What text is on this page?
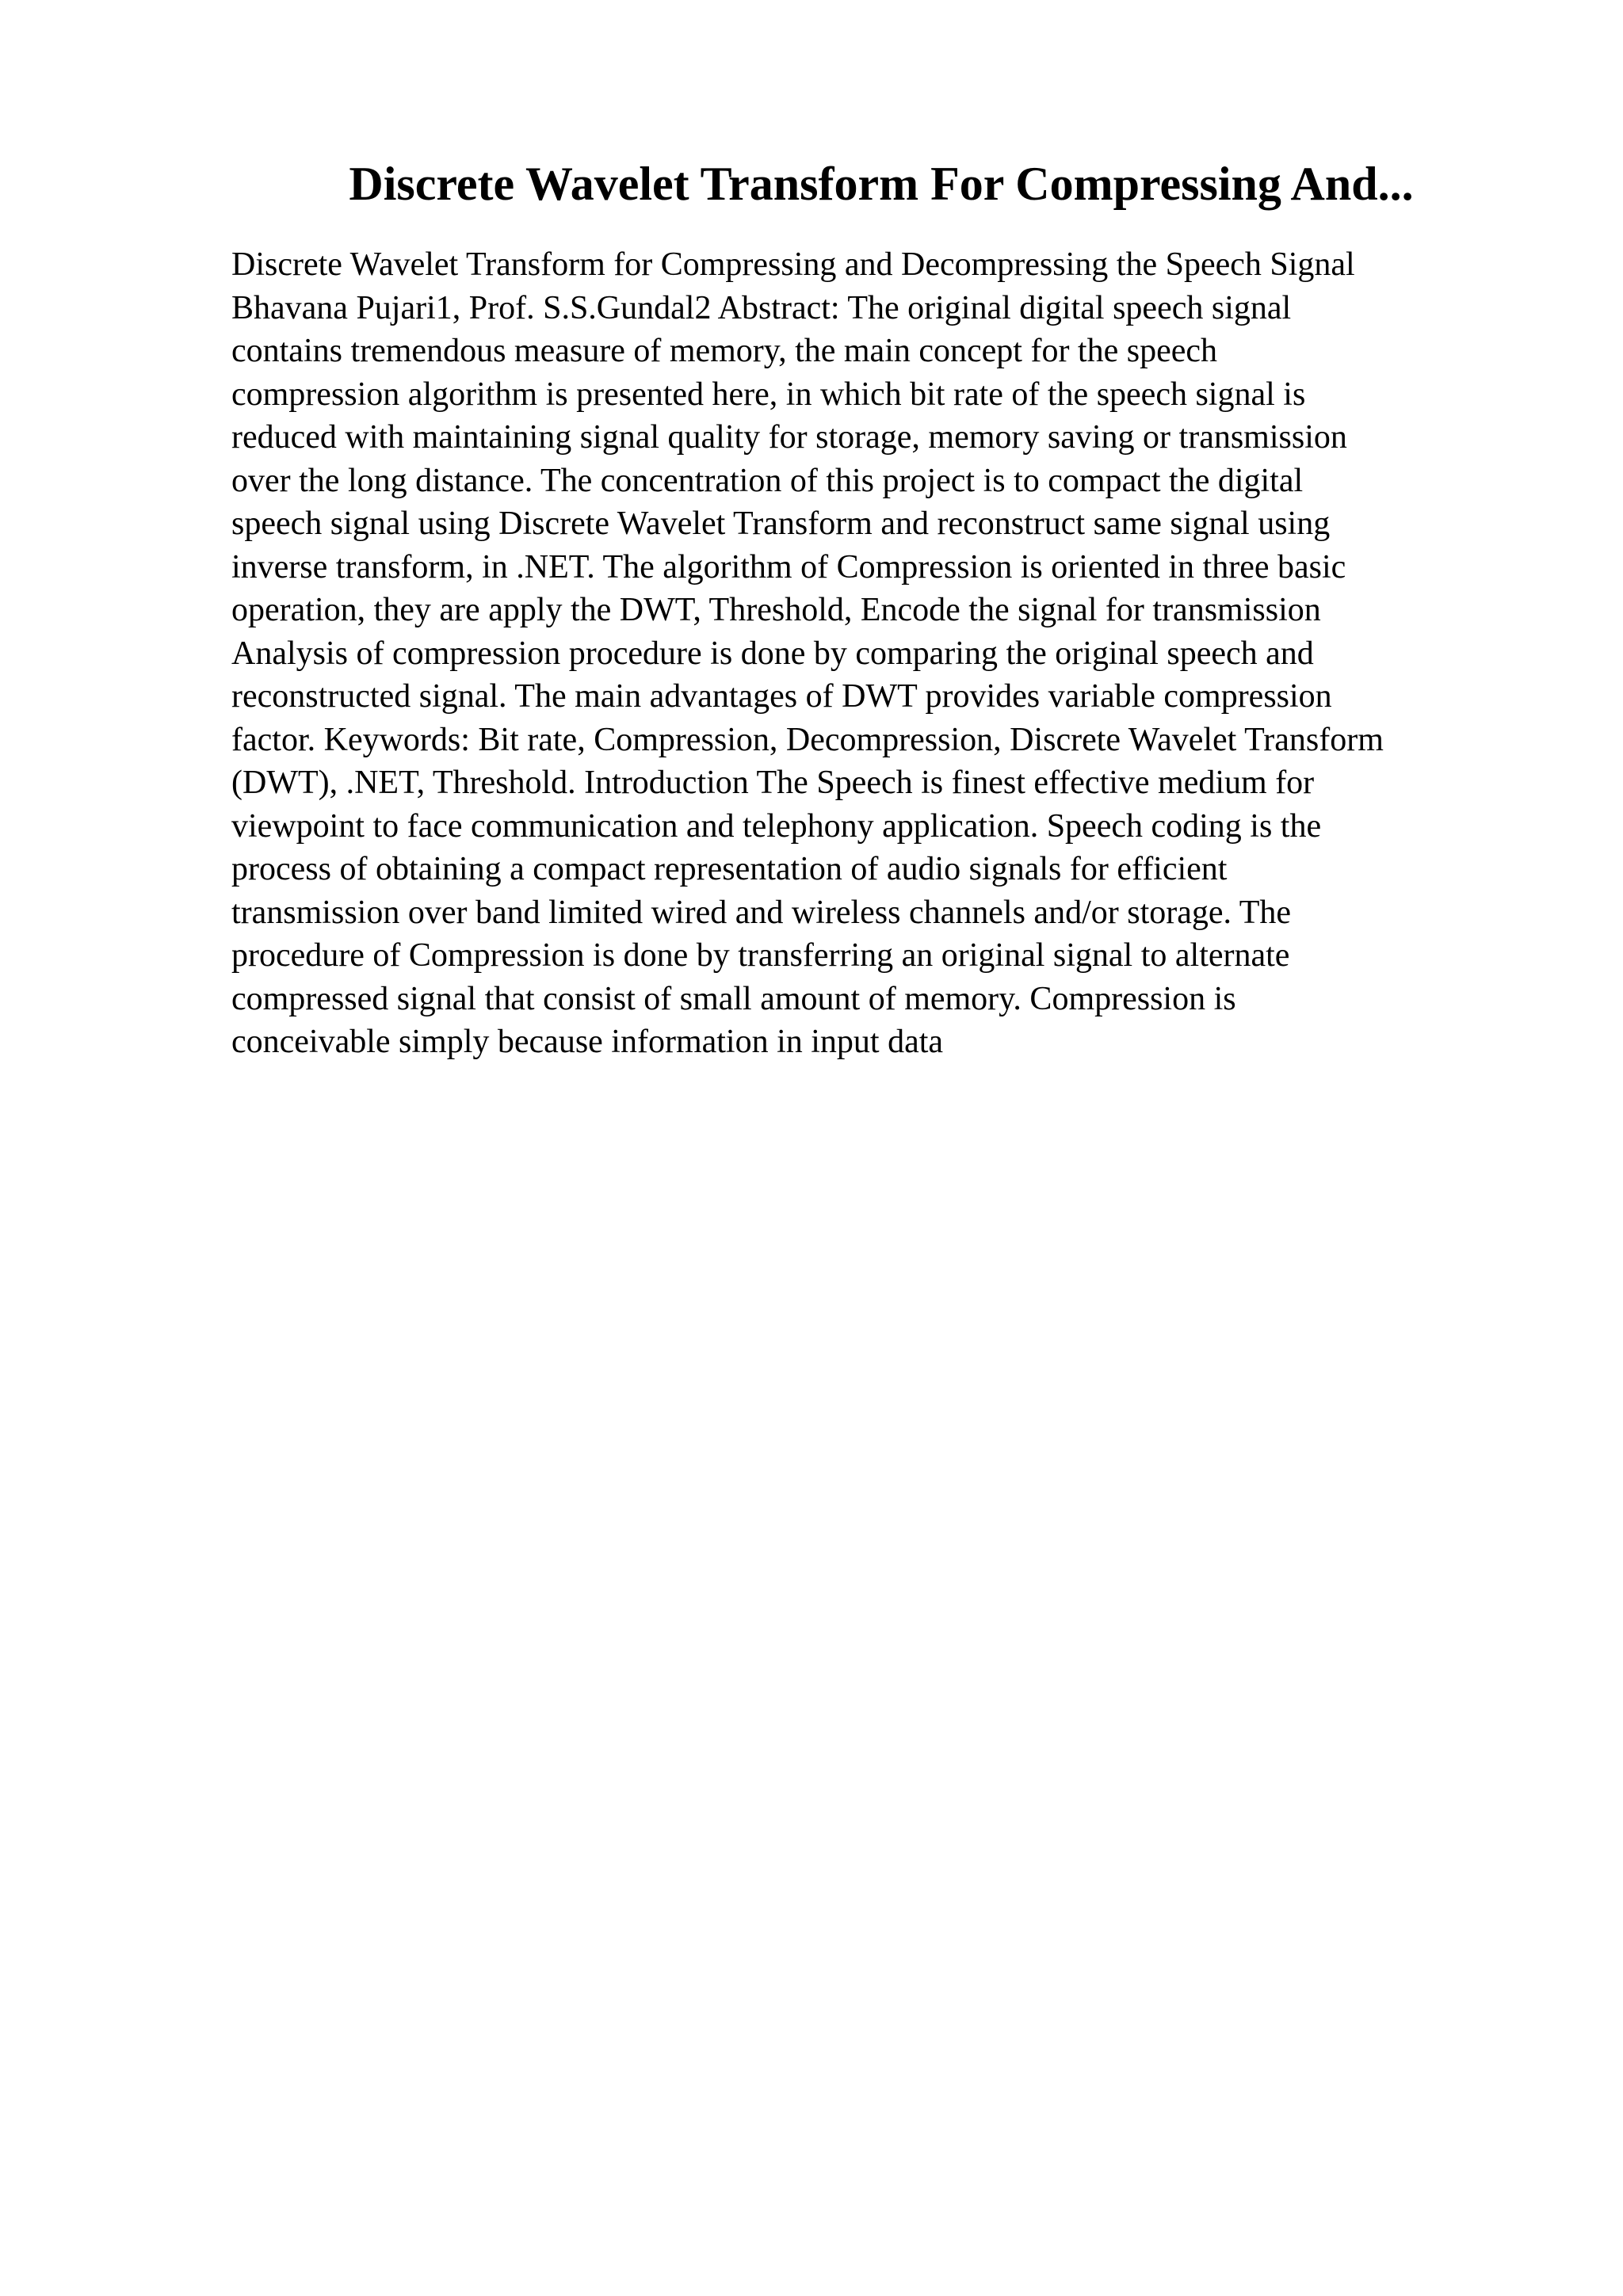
Discrete Wavelet Transform For Compressing And...
Discrete Wavelet Transform for Compressing and Decompressing the Speech Signal
Bhavana Pujari1, Prof. S.S.Gundal2 Abstract: The original digital speech signal
contains tremendous measure of memory, the main concept for the speech
compression algorithm is presented here, in which bit rate of the speech signal is
reduced with maintaining signal quality for storage, memory saving or transmission
over the long distance. The concentration of this project is to compact the digital
speech signal using Discrete Wavelet Transform and reconstruct same signal using
inverse transform, in .NET. The algorithm of Compression is oriented in three basic
operation, they are apply the DWT, Threshold, Encode the signal for transmission
Analysis of compression procedure is done by comparing the original speech and
reconstructed signal. The main advantages of DWT provides variable compression
factor. Keywords: Bit rate, Compression, Decompression, Discrete Wavelet Transform
(DWT), .NET, Threshold. Introduction The Speech is finest effective medium for
viewpoint to face communication and telephony application. Speech coding is the
process of obtaining a compact representation of audio signals for efficient
transmission over band limited wired and wireless channels and/or storage. The
procedure of Compression is done by transferring an original signal to alternate
compressed signal that consist of small amount of memory. Compression is
conceivable simply because information in input data
